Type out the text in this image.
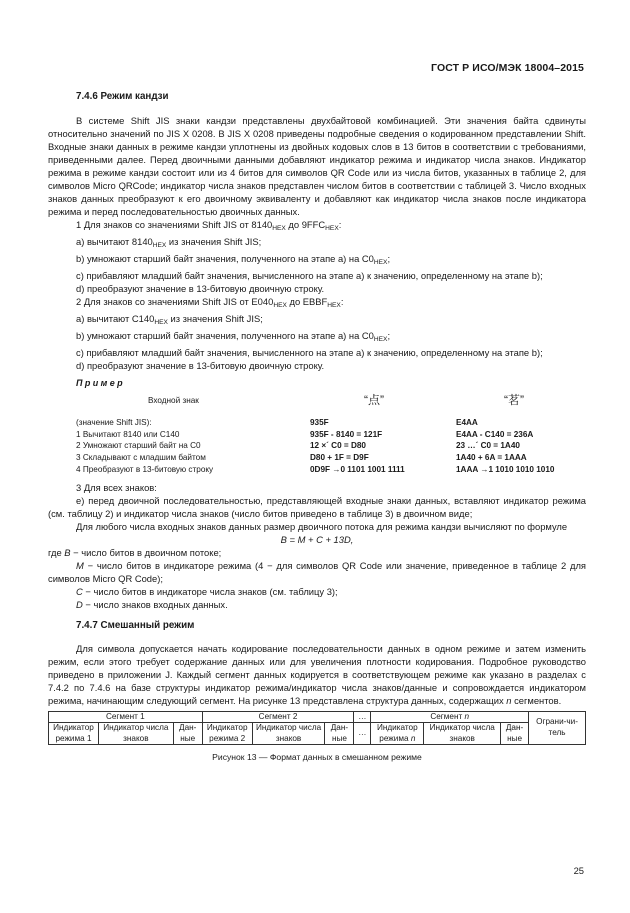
ГОСТ Р ИСО/МЭК 18004–2015
7.4.6 Режим кандзи

В системе Shift JIS знаки кандзи представлены двухбайтовой комбинацией. Эти значения байта сдвинуты относительно значений по JIS X 0208. В JIS X 0208 приведены подробные сведения о кодированном представлении Shift. Входные знаки данных в режиме кандзи уплотнены из двойных кодовых слов в 13 битов в соответствии с требованиями, приведенными далее. Перед двоичными данными добавляют индикатор режима и индикатор числа знаков. Индикатор режима в режиме кандзи состоит или из 4 битов для символов QR Code или из числа битов, указанных в таблице 2, для символов Micro QRCode; индикатор числа знаков представлен числом битов в соответствии с таблицей 3. Число входных знаков данных преобразуют к его двоичному эквиваленту и добавляют как индикатор числа знаков после индикатора режима и перед последовательностью двоичных данных.

1 Для знаков со значениями Shift JIS от $8140_{HEX}$ до $9FFC_{HEX}$:

a) вычитают $8140_{HEX}$ из значения Shift JIS;

b) умножают старший байт значения, полученного на этапе a) на $C0_{HEX}$;

c) прибавляют младший байт значения, вычисленного на этапе a) к значению, определенному на этапе b);

d) преобразуют значение в 13-битовую двоичную строку.

2 Для знаков со значениями Shift JIS от $E040_{HEX}$ до $EBBF_{HEX}$:

a) вычитают $C140_{HEX}$ из значения Shift JIS;

b) умножают старший байт значения, полученного на этапе a) на $C0_{HEX}$;

c) прибавляют младший байт значения, вычисленного на этапе a) к значению, определенному на этапе b);

d) преобразуют значение в 13-битовую двоичную строку.

Пример
Входной знак	“点”	“茗”
(значение Shift JIS):	935F	E4AA
1 Вычитают 8140 или C140	935F - 8140 = 121F	E4AA - C140 = 236A
2 Умножают старший байт на C0	12 ×´ C0 = D80	23 …´ C0 = 1A40
3 Складывают с младшим байтом	D80 + 1F = D9F	1A40 + 6A = 1AAA
4 Преобразуют в 13-битовую строку	0D9F →0 1101 1001 1111	1AAA →1 1010 1010 1010

3 Для всех знаков:

e) перед двоичной последовательностью, представляющей входные знаки данных, вставляют индикатор режима (см. таблицу 2) и индикатор числа знаков (число битов приведено в таблице 3) в двоичном виде;

Для любого числа входных знаков данных размер двоичного потока для режима кандзи вычисляют по формуле

B = M + C + 13D,

где B − число битов в двоичном потоке;

M − число битов в индикаторе режима (4 − для символов QR Code или значение, приведенное в таблице 2 для символов Micro QR Code);

C − число битов в индикаторе числа знаков (см. таблицу 3);

D − число знаков входных данных.

7.4.7 Смешанный режим

Для символа допускается начать кодирование последовательности данных в одном режиме и затем изменить режим, если этого требует содержание данных или для увеличения плотности кодирования. Подробное руководство приведено в приложении J. Каждый сегмент данных кодируется в соответствующем режиме как указано в разделах с 7.4.2 по 7.4.6 на базе структуры индикатор режима/индикатор числа знаков/данные и сопровождается индикатором режима, начинающим следующий сегмент. На рисунке 13 представлена структура данных, содержащих n сегментов.

Сегмент 1			Сегмент 2			…	Сегмент n			Ограни-читель
Индикатор режима 1	Индикатор числа знаков	Дан-ные	Индикатор режима 2	Индикатор числа знаков	Дан-ные	…	Индикатор режима n	Индикатор числа знаков	Дан-ные	
Рисунок 13 — Формат данных в смешанном режиме
25
